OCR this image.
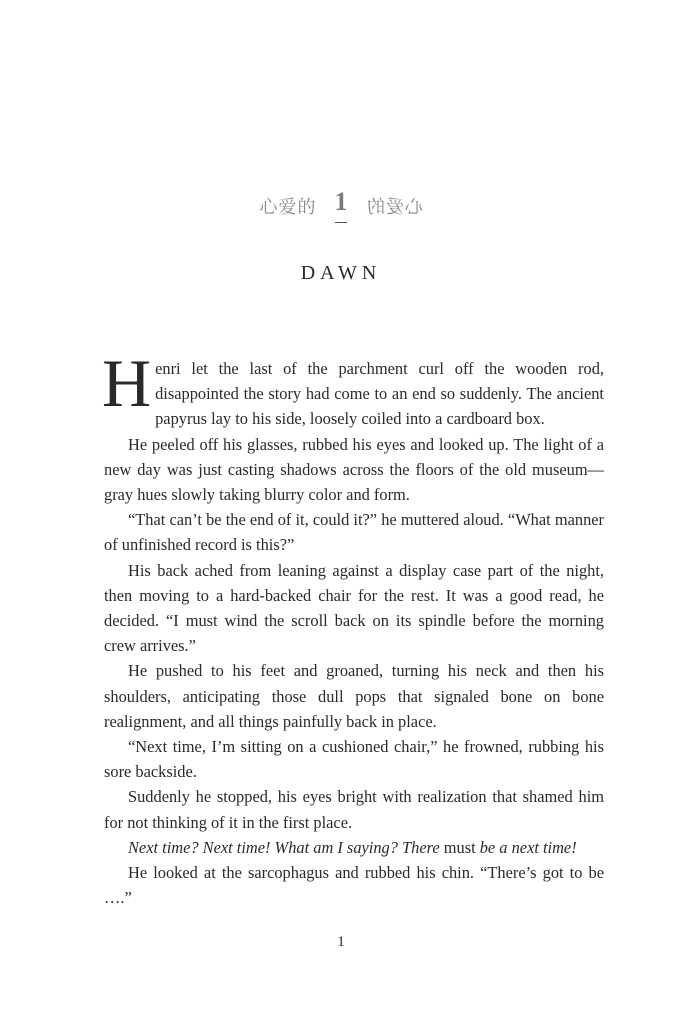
心爱的 1 心爱的
DAWN

Henri let the last of the parchment curl off the wooden rod, disappointed the story had come to an end so suddenly. The ancient papyrus lay to his side, loosely coiled into a cardboard box.

He peeled off his glasses, rubbed his eyes and looked up. The light of a new day was just casting shadows across the floors of the old museum—gray hues slowly taking blurry color and form.

“That can’t be the end of it, could it?” he muttered aloud. “What manner of unfinished record is this?”

His back ached from leaning against a display case part of the night, then moving to a hard-backed chair for the rest. It was a good read, he decided. “I must wind the scroll back on its spindle before the morning crew arrives.”

He pushed to his feet and groaned, turning his neck and then his shoulders, anticipating those dull pops that signaled bone on bone realignment, and all things painfully back in place.

“Next time, I’m sitting on a cushioned chair,” he frowned, rubbing his sore backside.

Suddenly he stopped, his eyes bright with realization that shamed him for not thinking of it in the first place.

Next time? Next time! What am I saying? There must be a next time!

He looked at the sarcophagus and rubbed his chin. “There’s got to be ….”

1
